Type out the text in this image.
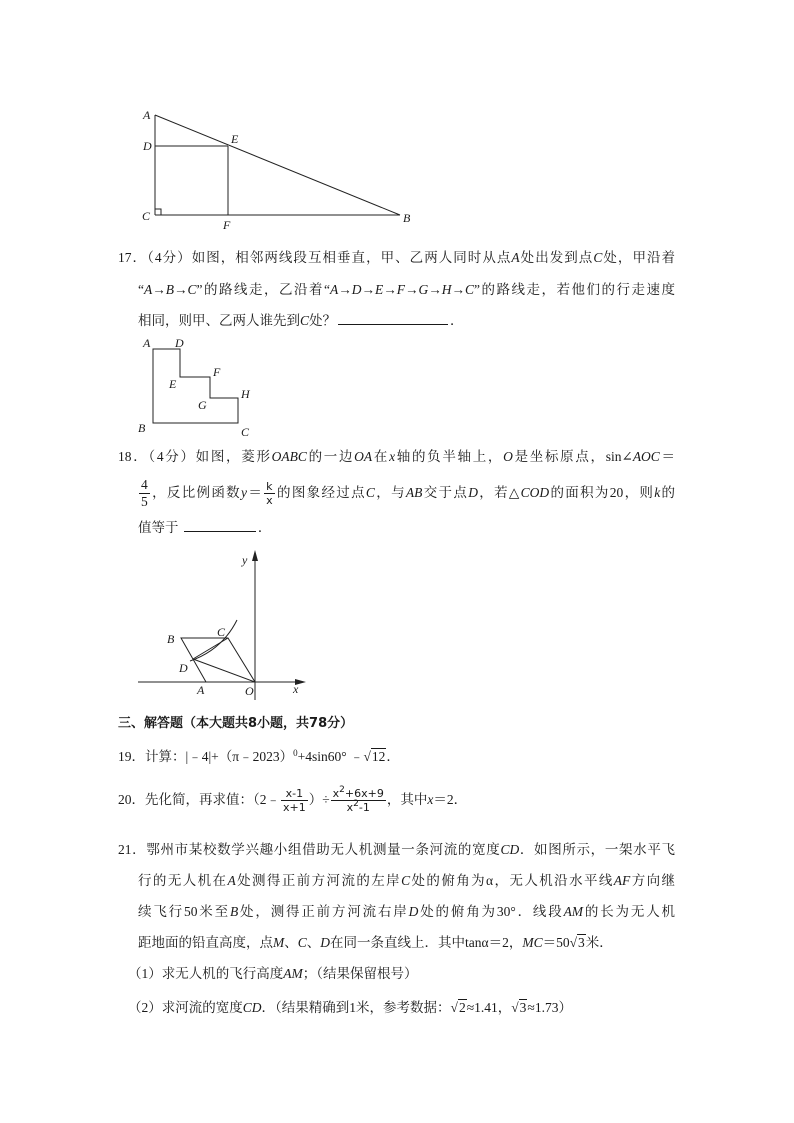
A
D	E
C
F	B
17．（4分）如图，相邻两线段互相垂直，甲、乙两人同时从点A处出发到点C处，甲沿着
“A→B→C”的路线走，乙沿着“A→D→E→F→G→H→C”的路线走，若他们的行走速度
相同，则甲、乙两人谁先到C处？	．
A D
E
F
G
H
B	C
18．（4分）如图，菱形OABC的一边OA在x轴的负半轴上，O是坐标原点，sin∠AOC＝
$\frac{4}{5}$ ，反比例函数$y= \frac{k}{x}$ 的图象经过点C，与AB交于点D，若△COD的面积为20，则k的
值等于	．
y
x
O
A
B	C
D
三、解答题（本大题共8小题，共78分）
19．计算：|﹣4|+（π﹣2023）$^0$+4sin60° ﹣√12．
20．先化简，再求值：（2﹣ $\frac{x-1}{x+1}$ ）÷ $\frac{x^2+6x+9}{x^2-1}$ ，其中x＝2．
21．鄂州市某校数学兴趣小组借助无人机测量一条河流的宽度CD．如图所示，一架水平飞
行的无人机在A处测得正前方河流的左岸C处的俯角为α，无人机沿水平线AF方向继
续飞行50米至B处，测得正前方河流右岸D处的俯角为30°．线段AM的长为无人机
距地面的铅直高度，点M、C、D在同一条直线上．其中tanα＝2，MC＝50√3米．
（1）求无人机的飞行高度AM；（结果保留根号）
（2）求河流的宽度CD．（结果精确到1米，参考数据：√2≈1.41，√3≈1.73）
